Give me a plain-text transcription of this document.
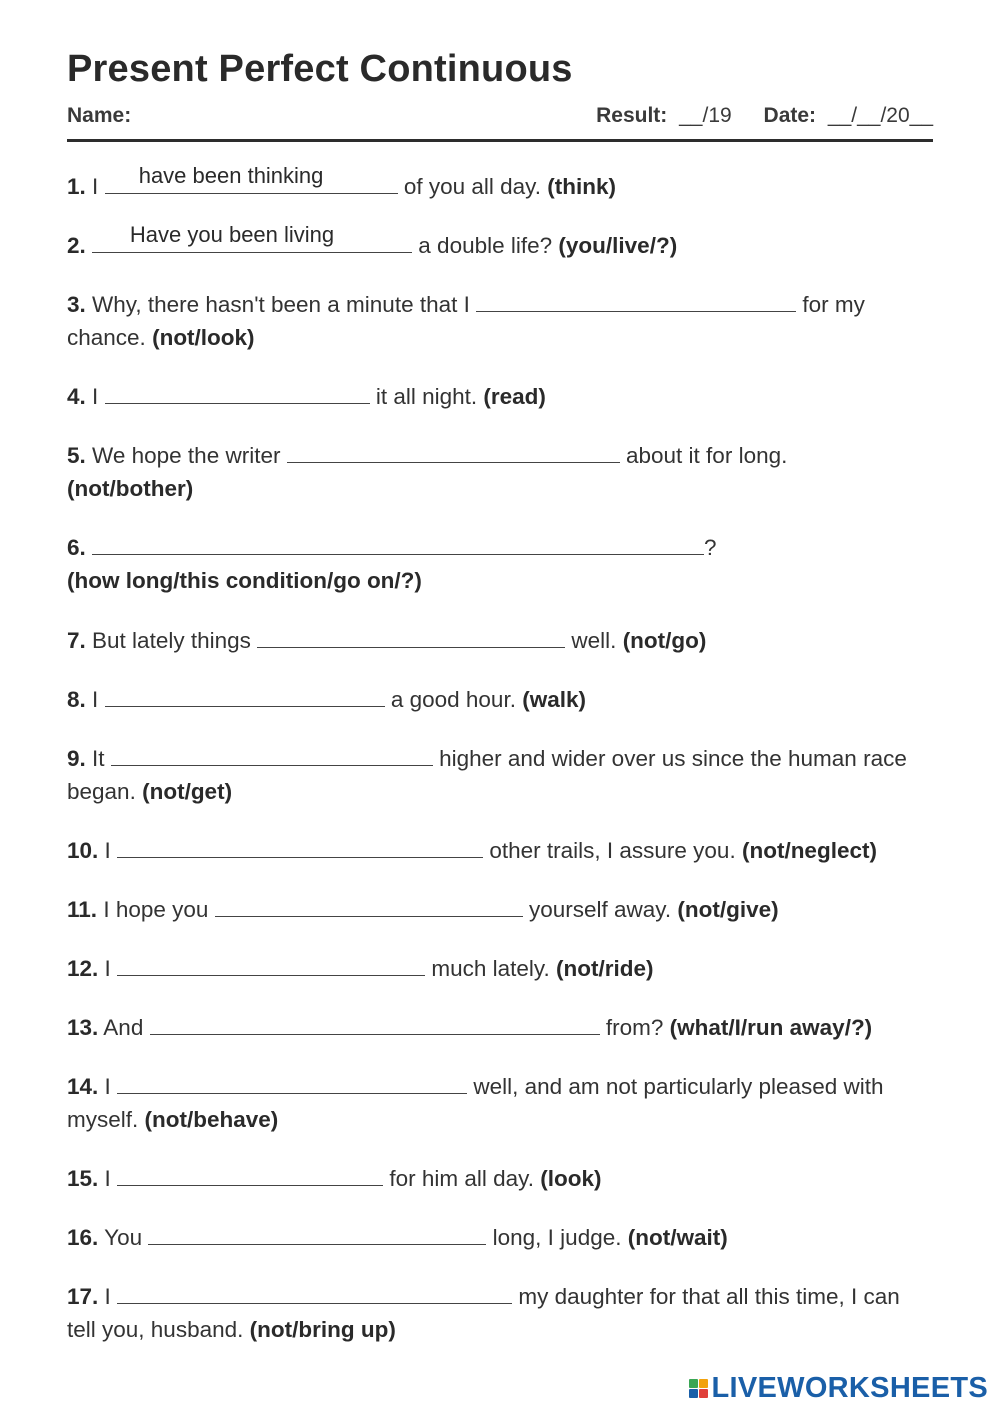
Present Perfect Continuous
Name:	Result: __/19 Date: __/__/20__
1. I	have been thinking	of you all day. (think)
2.	Have you been living	a double life? (you/live/?)
3. Why, there hasn't been a minute that I	for my chance. (not/look)
4. I	it all night. (read)
5. We hope the writer	about it for long.
(not/bother)
6.	?
(how long/this condition/go on/?)
7. But lately things	well. (not/go)
8. I	a good hour. (walk)
9. It	higher and wider over us since the human race began. (not/get)
10. I	other trails, I assure you. (not/neglect)
11. I hope you	yourself away. (not/give)
12. I	much lately. (not/ride)
13. And	from? (what/I/run away/?)
14. I	well, and am not particularly pleased with myself. (not/behave)
15. I	for him all day. (look)
16. You	long, I judge. (not/wait)
17. I	my daughter for that all this time, I can tell you, husband. (not/bring up)
LIVEWORKSHEETS
